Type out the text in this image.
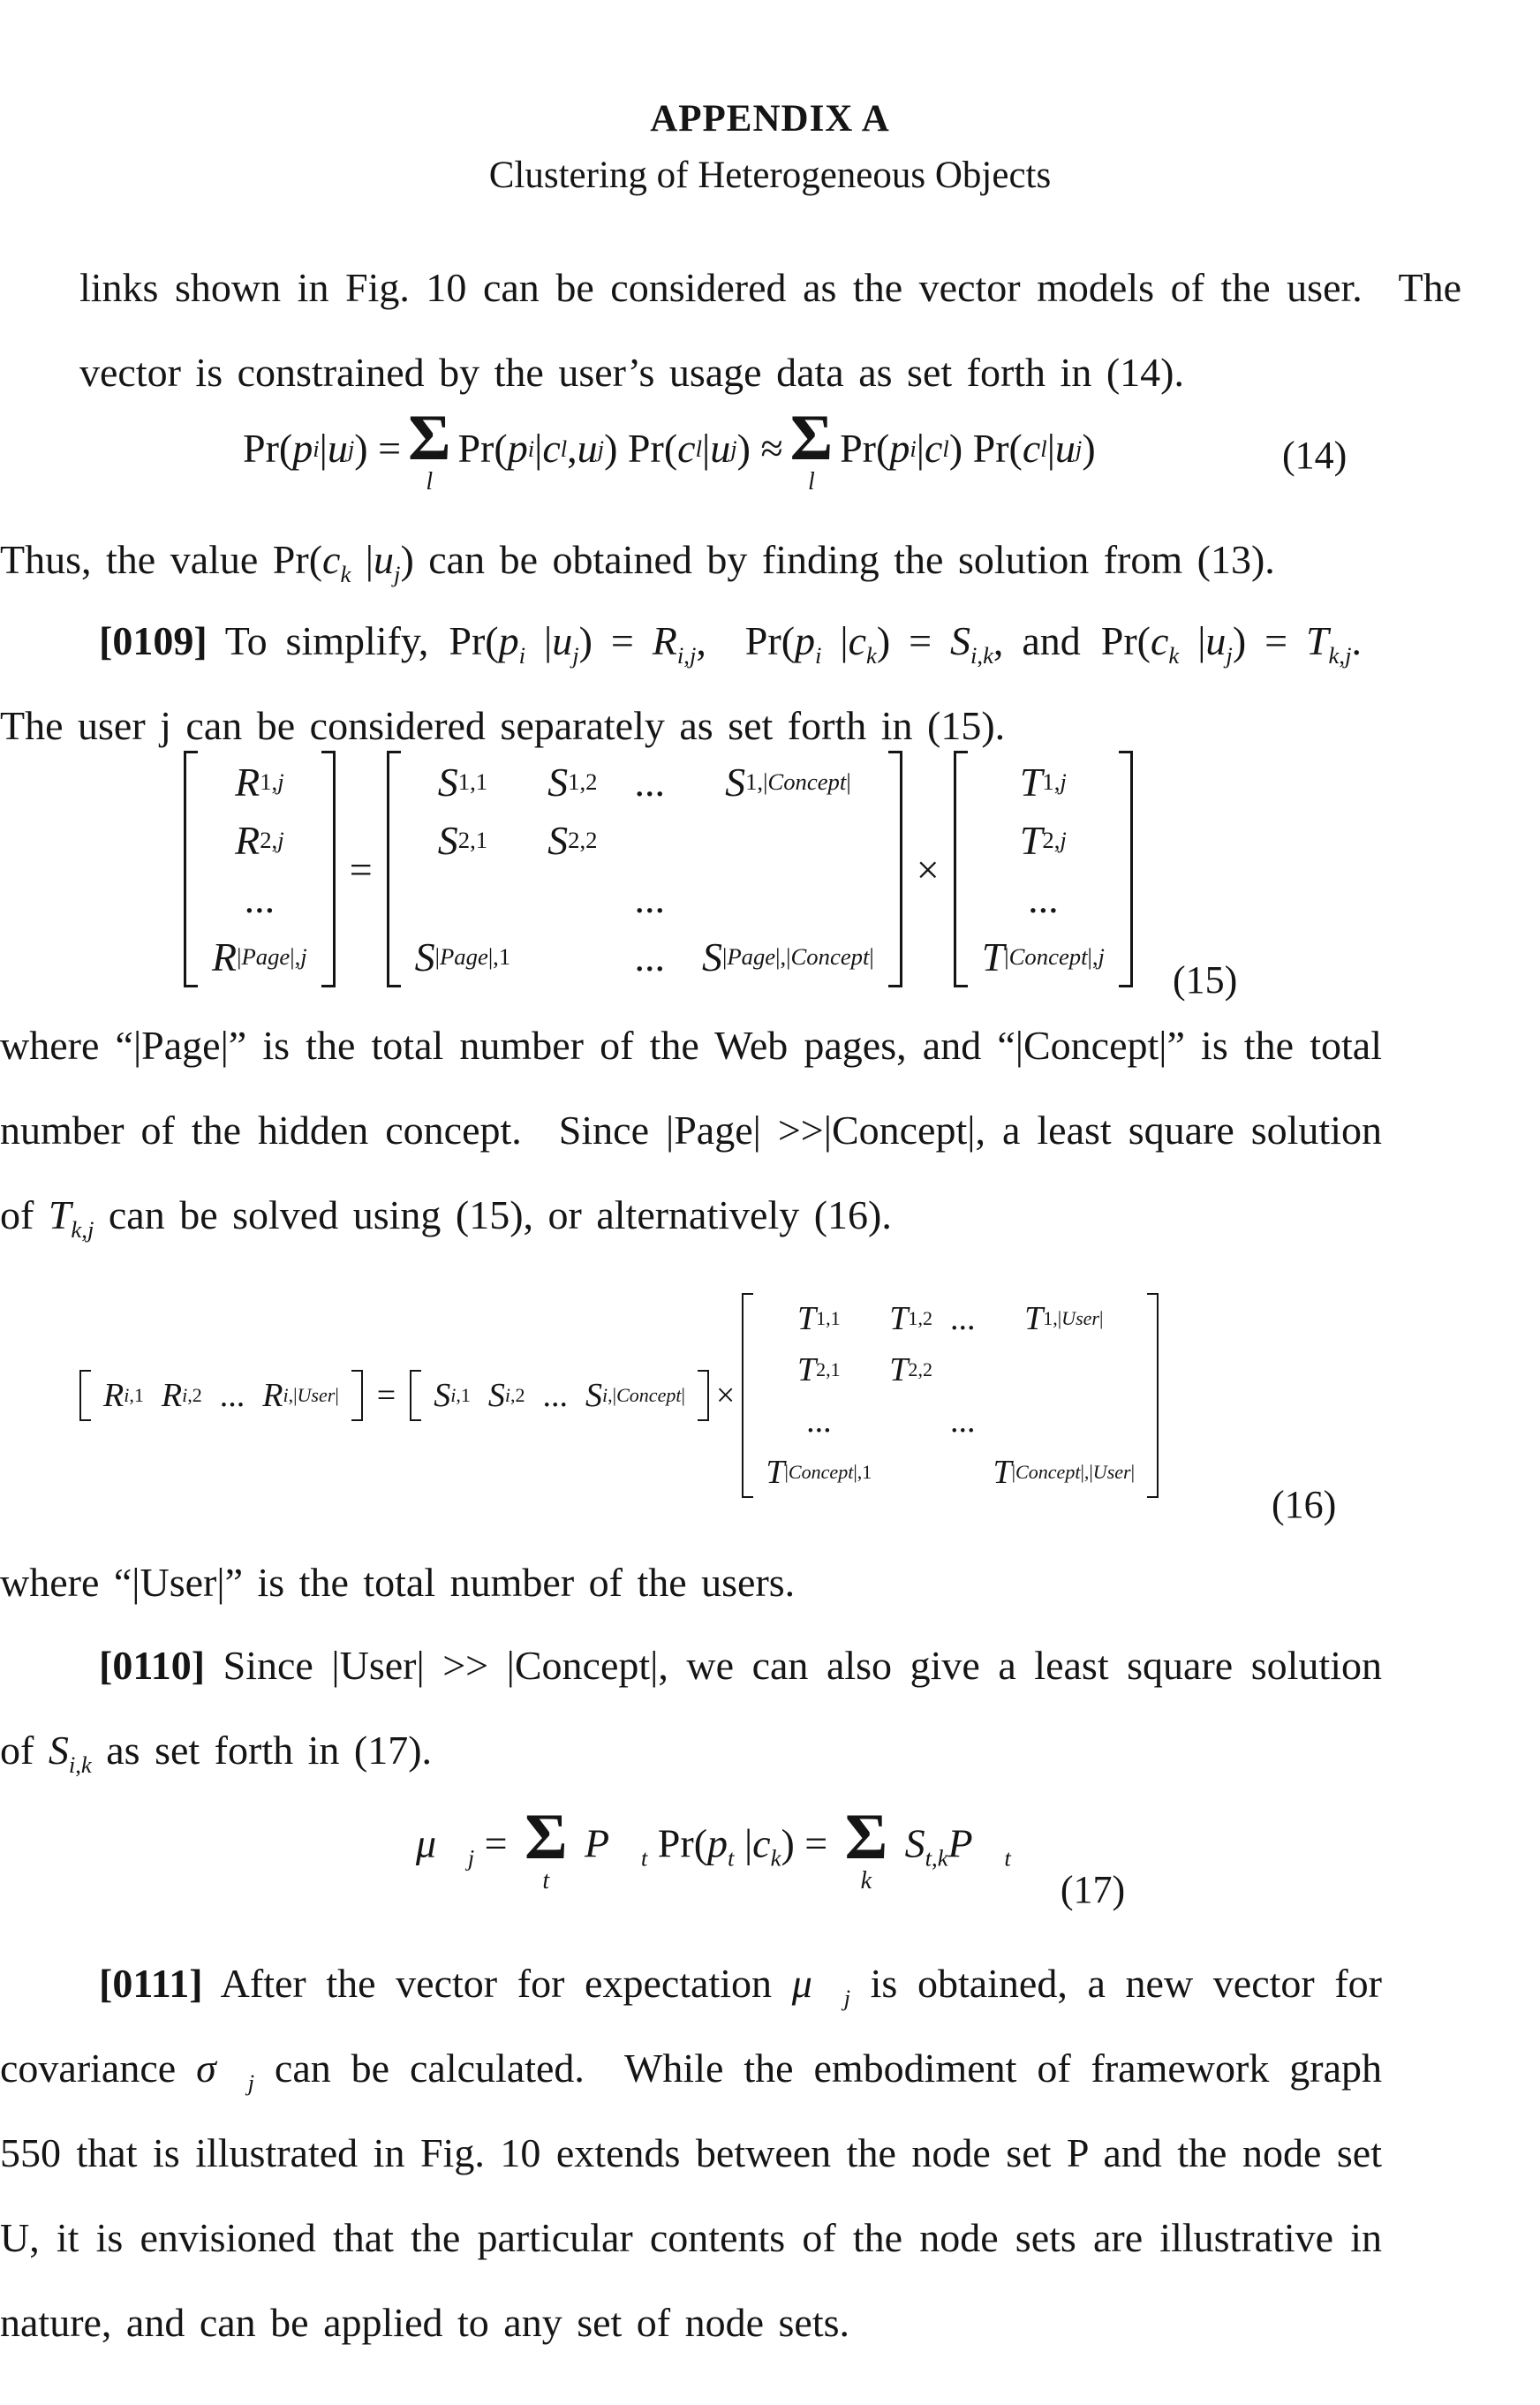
APPENDIX A
Clustering of Heterogeneous Objects
links shown in Fig. 10 can be considered as the vector models of the user.  The vector is constrained by the user’s usage data as set forth in (14).
Pr( p i | u j ) = Σ
l
Pr( p i | c l , u j ) Pr( c l | u j ) ≈ Σ
l
Pr( p i | c l ) Pr( c l | u j )	(14)
Thus, the value $Pr(c_k$ $|u_j$) can be obtained by finding the solution from (13).
[0109] To simplify, $Pr(p_i$ $|u_j) = R_{i,j}$,  $Pr(p_i$ $|c_k) = S_{i,k}$, and $Pr(c_k$ $|u_j) = T_{k,j}$.  The user j can be considered separately as set forth in (15).
R 1,j
R 2,j
...
R |Page|,j
=
S 1,1 S 1,2 ... S 1,|Concept|
S 2,1 S 2,2
...
S |Page|,1	... S |Page|,|Concept|
×
T 1,j
T 2,j
...
T |Concept|,j
(15)
where “|Page|” is the total number of the Web pages, and “|Concept|” is the total number of the hidden concept.  Since |Page| >>|Concept|, a least square solution of $T_{k,j}$ can be solved using (15), or alternatively (16).
R i,1 R i,2 ... R i,|User| = S i,1 S i,2 ... S i,|Concept| ×
T 1,1 T 1,2 ... T 1,|User|
T 2,1 T 2,2
...	...
T |Concept|,1	T |Concept|,|User|
(16)
where “|User|” is the total number of the users.
[0110] Since |User| >> |Concept|, we can also give a least square solution of $S_{i,k}$ as set forth in (17).
$\mu⃗_j = \Sigma$
t
$P⃗_t$ $Pr(p_t$ $|c_k) = \Sigma$
k
$S_{t,k}P⃗_t$
(17)
[0111] After the vector for expectation $\mu⃗_j$ is obtained, a new vector for covariance $\sigma⃗_j$ can be calculated.  While the embodiment of framework graph 550 that is illustrated in Fig. 10 extends between the node set P and the node set U, it is envisioned that the particular contents of the node sets are illustrative in nature, and can be applied to any set of node sets.
